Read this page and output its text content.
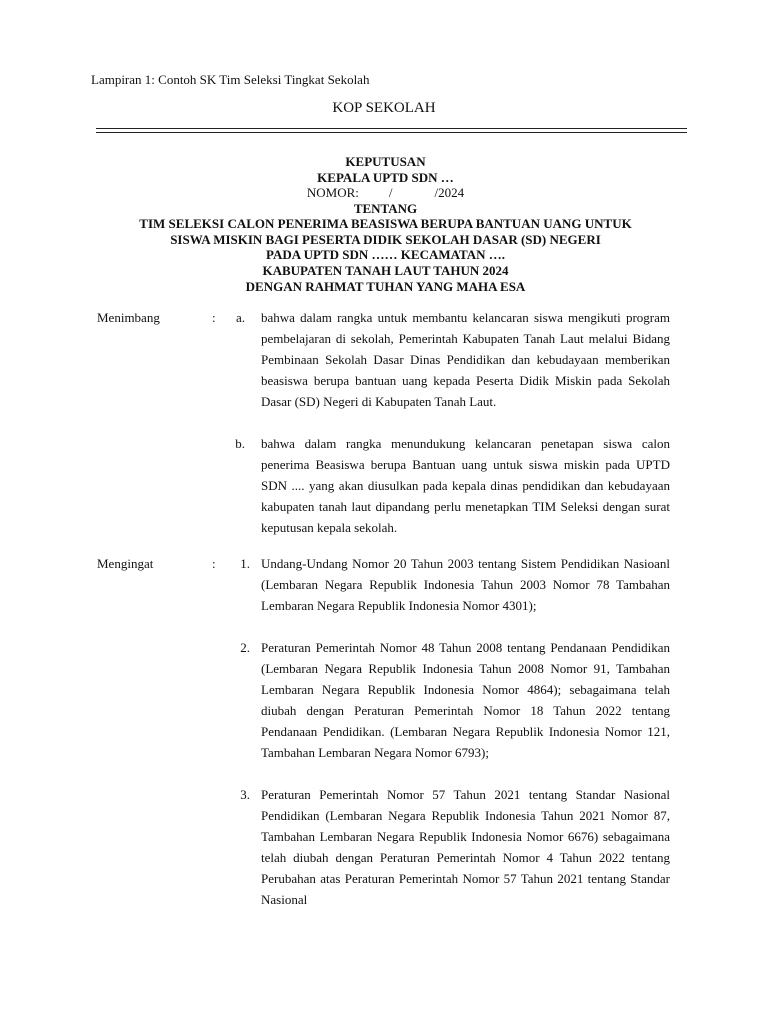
Lampiran 1: Contoh SK Tim Seleksi Tingkat Sekolah
KOP SEKOLAH
KEPUTUSAN
KEPALA UPTD SDN …
NOMOR: /	/2024
TENTANG
TIM SELEKSI CALON PENERIMA BEASISWA BERUPA BANTUAN UANG UNTUK
SISWA MISKIN BAGI PESERTA DIDIK SEKOLAH DASAR (SD) NEGERI
PADA UPTD SDN …… KECAMATAN ….
KABUPATEN TANAH LAUT TAHUN 2024
DENGAN RAHMAT TUHAN YANG MAHA ESA
Menimbang	:	a. bahwa dalam rangka untuk membantu kelancaran siswa mengikuti program pembelajaran di sekolah, Pemerintah Kabupaten Tanah Laut melalui Bidang Pembinaan Sekolah Dasar Dinas Pendidikan dan kebudayaan memberikan beasiswa berupa bantuan uang kepada Peserta Didik Miskin pada Sekolah Dasar (SD) Negeri di Kabupaten Tanah Laut.
b. bahwa dalam rangka menundukung kelancaran penetapan siswa calon penerima Beasiswa berupa Bantuan uang untuk siswa miskin pada UPTD SDN .... yang akan diusulkan pada kepala dinas pendidikan dan kebudayaan kabupaten tanah laut dipandang perlu menetapkan TIM Seleksi dengan surat keputusan kepala sekolah.
Mengingat	:	1. Undang-Undang Nomor 20 Tahun 2003 tentang Sistem Pendidikan Nasioanl (Lembaran Negara Republik Indonesia Tahun 2003 Nomor 78 Tambahan Lembaran Negara Republik Indonesia Nomor 4301);
2. Peraturan Pemerintah Nomor 48 Tahun 2008 tentang Pendanaan Pendidikan (Lembaran Negara Republik Indonesia Tahun 2008 Nomor 91, Tambahan Lembaran Negara Republik Indonesia Nomor 4864); sebagaimana telah diubah dengan Peraturan Pemerintah Nomor 18 Tahun 2022 tentang Pendanaan Pendidikan. (Lembaran Negara Republik Indonesia Nomor 121, Tambahan Lembaran Negara Nomor 6793);
3. Peraturan Pemerintah Nomor 57 Tahun 2021 tentang Standar Nasional Pendidikan (Lembaran Negara Republik Indonesia Tahun 2021 Nomor 87, Tambahan Lembaran Negara Republik Indonesia Nomor 6676) sebagaimana telah diubah dengan Peraturan Pemerintah Nomor 4 Tahun 2022 tentang Perubahan atas Peraturan Pemerintah Nomor 57 Tahun 2021 tentang Standar Nasional
